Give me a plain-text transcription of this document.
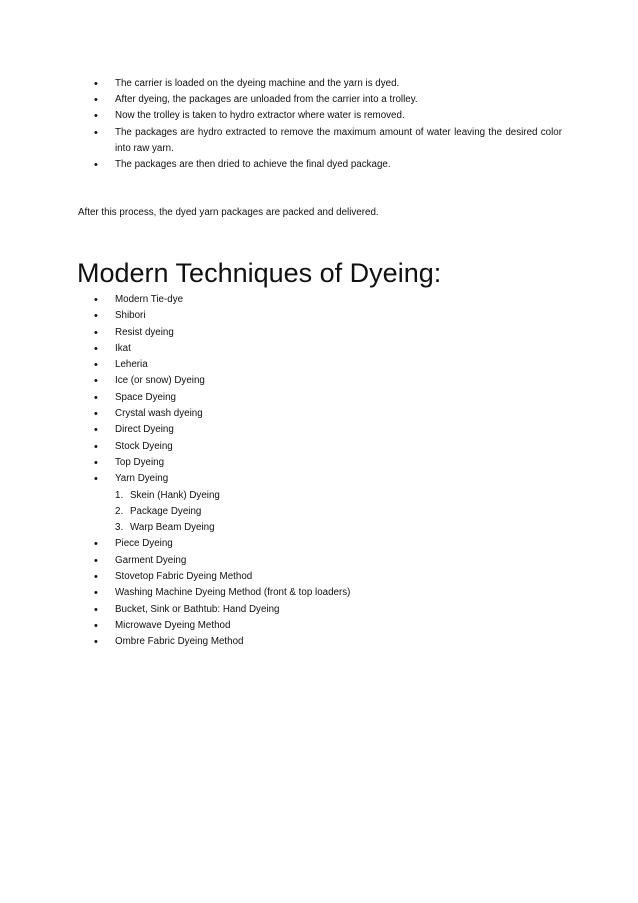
• The carrier is loaded on the dyeing machine and the yarn is dyed.
• After dyeing, the packages are unloaded from the carrier into a trolley.
• Now the trolley is taken to hydro extractor where water is removed.
• The packages are hydro extracted to remove the maximum amount of water leaving the desired color into raw yarn.
• The packages are then dried to achieve the final dyed package.

After this process, the dyed yarn packages are packed and delivered.

Modern Techniques of Dyeing:
• Modern Tie-dye
• Shibori
• Resist dyeing
• Ikat
• Leheria
• Ice (or snow) Dyeing
• Space Dyeing
• Crystal wash dyeing
• Direct Dyeing
• Stock Dyeing
• Top Dyeing
• Yarn Dyeing
1. Skein (Hank) Dyeing
2. Package Dyeing
3. Warp Beam Dyeing
• Piece Dyeing
• Garment Dyeing
• Stovetop Fabric Dyeing Method
• Washing Machine Dyeing Method (front & top loaders)
• Bucket, Sink or Bathtub: Hand Dyeing
• Microwave Dyeing Method
• Ombre Fabric Dyeing Method
